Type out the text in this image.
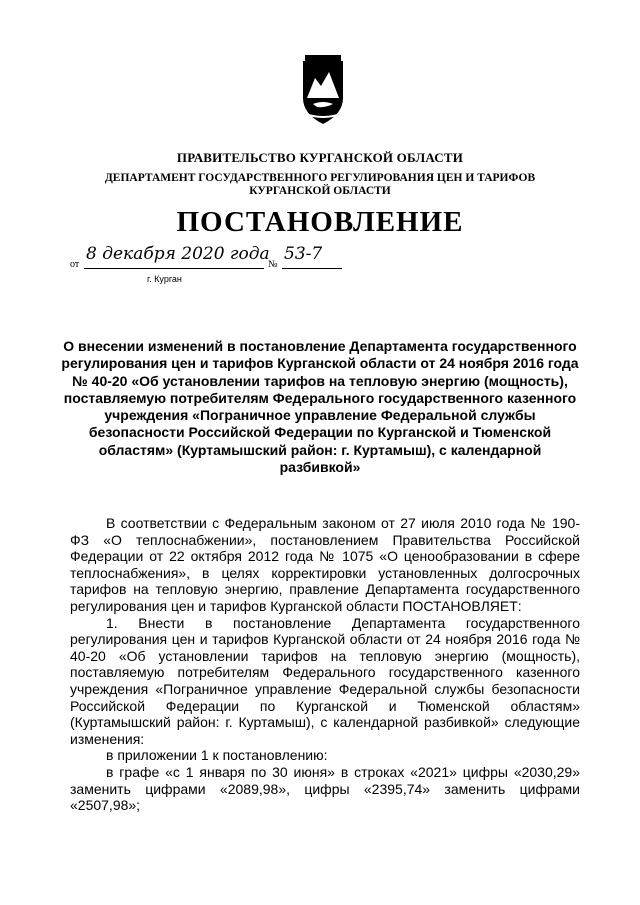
ПРАВИТЕЛЬСТВО КУРГАНСКОЙ ОБЛАСТИ
ДЕПАРТАМЕНТ ГОСУДАРСТВЕННОГО РЕГУЛИРОВАНИЯ ЦЕН И ТАРИФОВ КУРГАНСКОЙ ОБЛАСТИ
ПОСТАНОВЛЕНИЕ
от
8 декабря 2020 года
№
53-7
г. Курган
О внесении изменений в постановление Департамента государственного регулирования цен и тарифов Курганской области от 24 ноября 2016 года № 40-20 «Об установлении тарифов на тепловую энергию (мощность), поставляемую потребителям Федерального государственного казенного учреждения «Пограничное управление Федеральной службы безопасности Российской Федерации по Курганской и Тюменской областям» (Куртамышский район: г. Куртамыш), с календарной разбивкой»

В соответствии с Федеральным законом от 27 июля 2010 года № 190-ФЗ «О теплоснабжении», постановлением Правительства Российской Федерации от 22 октября 2012 года № 1075 «О ценообразовании в сфере теплоснабжения», в целях корректировки установленных долгосрочных тарифов на тепловую энергию, правление Департамента государственного регулирования цен и тарифов Курганской области ПОСТАНОВЛЯЕТ:

1. Внести в постановление Департамента государственного регулирования цен и тарифов Курганской области от 24 ноября 2016 года № 40-20 «Об установлении тарифов на тепловую энергию (мощность), поставляемую потребителям Федерального государственного казенного учреждения «Пограничное управление Федеральной службы безопасности Российской Федерации по Курганской и Тюменской областям» (Куртамышский район: г. Куртамыш), с календарной разбивкой» следующие изменения:

в приложении 1 к постановлению:

в графе «с 1 января по 30 июня» в строках «2021» цифры «2030,29» заменить цифрами «2089,98», цифры «2395,74» заменить цифрами «2507,98»;
